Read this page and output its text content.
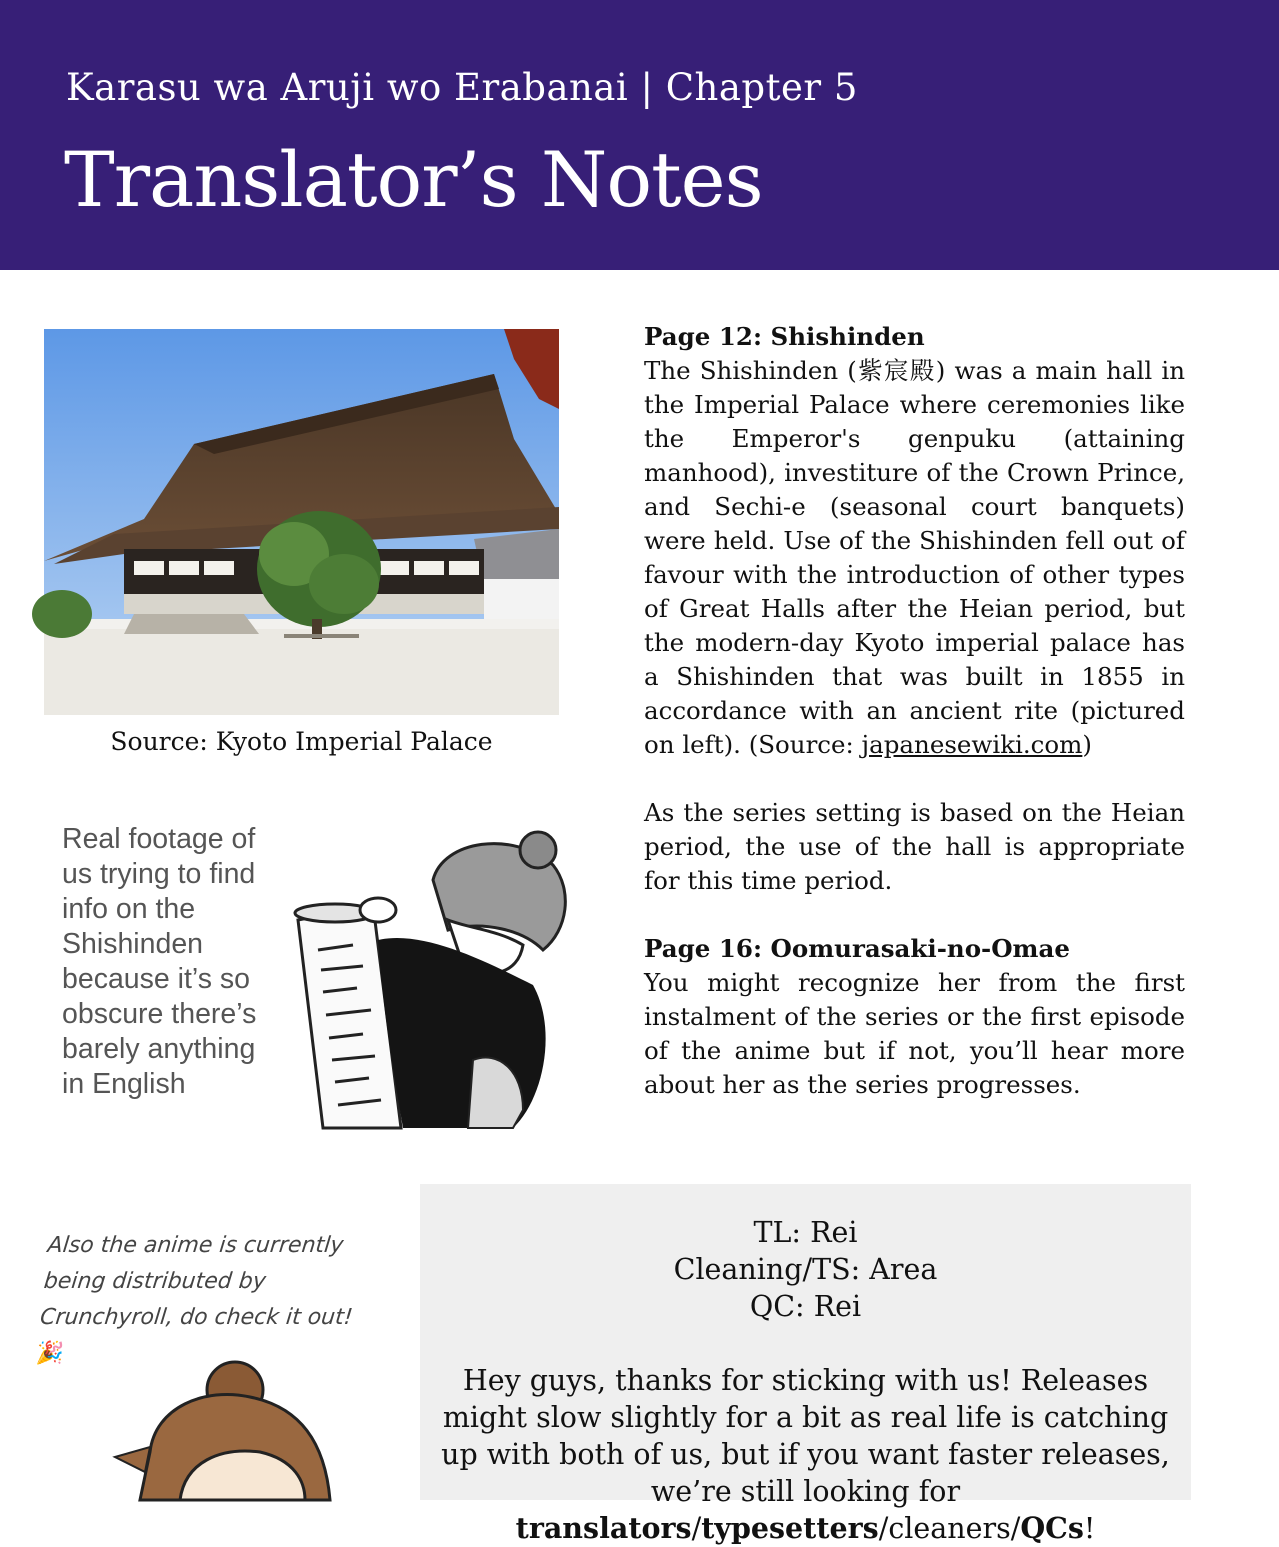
Karasu wa Aruji wo Erabanai | Chapter 5
Translator’s Notes
Source: Kyoto Imperial Palace

Page 12: Shishinden

The Shishinden (紫宸殿) was a main hall in the Imperial Palace where ceremonies like the Emperor's genpuku (attaining manhood), investiture of the Crown Prince, and Sechi-e (seasonal court banquets) were held. Use of the Shishinden fell out of favour with the introduction of other types of Great Halls after the Heian period, but the modern-day Kyoto imperial palace has a Shishinden that was built in 1855 in accordance with an ancient rite (pictured on left). (Source: japanesewiki.com)

As the series setting is based on the Heian period, the use of the hall is appropriate for this time period.

Page 16: Oomurasaki-no-Omae

You might recognize her from the first instalment of the series or the first episode of the anime but if not, you’ll hear more about her as the series progresses.

Real footage of us trying to find info on the Shishinden because it’s so obscure there’s barely anything in English
Also the anime is currently being distributed by Crunchyroll, do check it out! 🎉
TL: Rei
Cleaning/TS: Area
QC: Rei
Hey guys, thanks for sticking with us! Releases might slow slightly for a bit as real life is catching up with both of us, but if you want faster releases, we’re still looking for translators/typesetters/cleaners/QCs!
